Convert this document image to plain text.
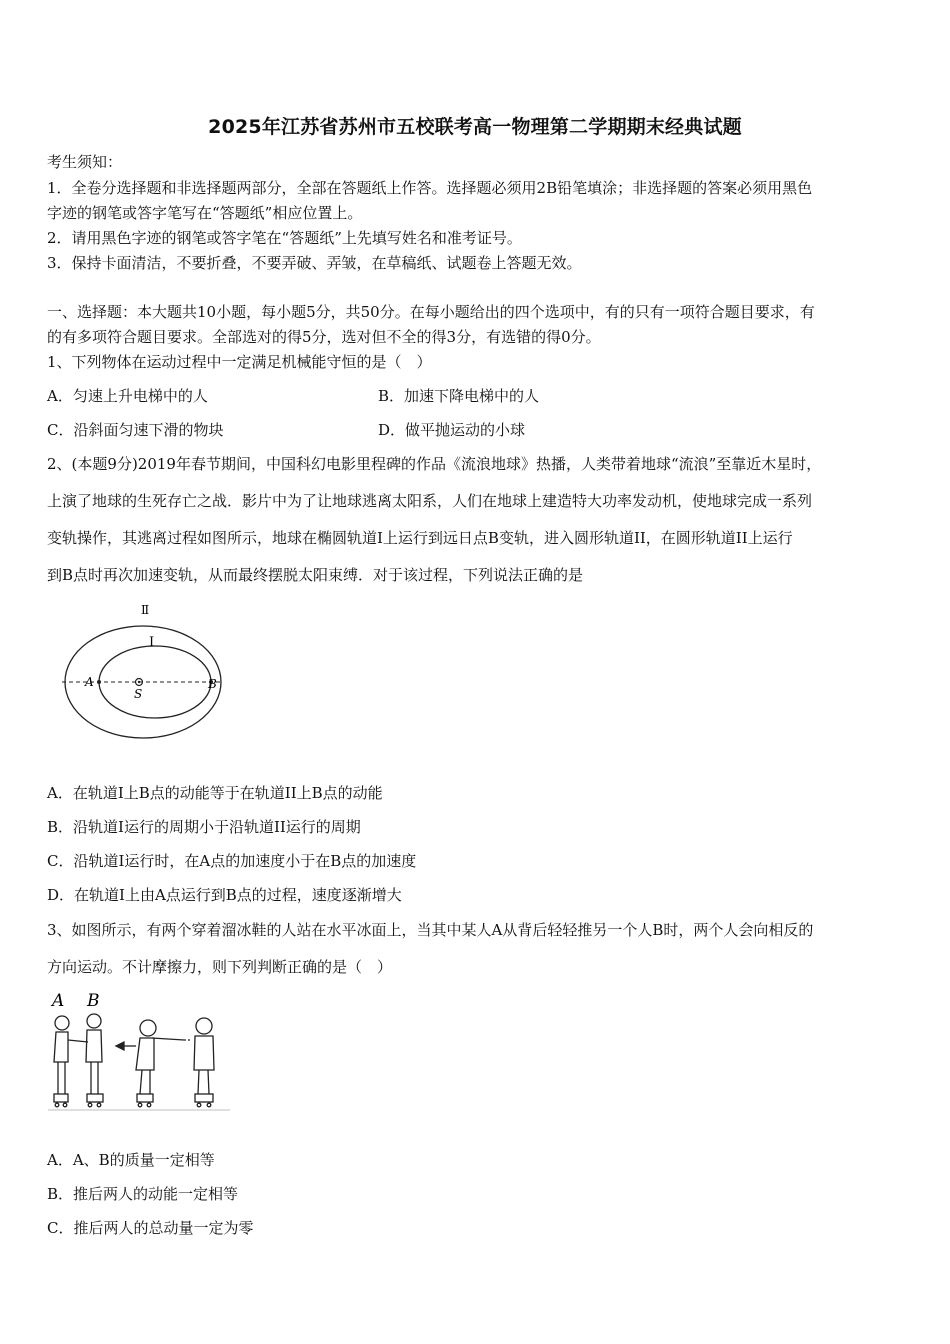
2025年江苏省苏州市五校联考高一物理第二学期期末经典试题
考生须知：
1．全卷分选择题和非选择题两部分，全部在答题纸上作答。选择题必须用2B铅笔填涂；非选择题的答案必须用黑色
字迹的钢笔或答字笔写在“答题纸”相应位置上。
2．请用黑色字迹的钢笔或答字笔在“答题纸”上先填写姓名和准考证号。
3．保持卡面清洁，不要折叠，不要弄破、弄皱，在草稿纸、试题卷上答题无效。
一、选择题：本大题共10小题，每小题5分，共50分。在每小题给出的四个选项中，有的只有一项符合题目要求，有
的有多项符合题目要求。全部选对的得5分，选对但不全的得3分，有选错的得0分。
1、下列物体在运动过程中一定满足机械能守恒的是（　）
A．匀速上升电梯中的人	B．加速下降电梯中的人
C．沿斜面匀速下滑的物块	D．做平抛运动的小球
2、(本题9分)2019年春节期间，中国科幻电影里程碑的作品《流浪地球》热播，人类带着地球“流浪”至靠近木星时，
上演了地球的生死存亡之战．影片中为了让地球逃离太阳系，人们在地球上建造特大功率发动机，使地球完成一系列
变轨操作，其逃离过程如图所示，地球在椭圆轨道I上运行到远日点B变轨，进入圆形轨道II，在圆形轨道II上运行
到B点时再次加速变轨，从而最终摆脱太阳束缚．对于该过程，下列说法正确的是
Ⅱ
I
A	B
S
A．在轨道I上B点的动能等于在轨道II上B点的动能
B．沿轨道I运行的周期小于沿轨道II运行的周期
C．沿轨道I运行时，在A点的加速度小于在B点的加速度
D．在轨道I上由A点运行到B点的过程，速度逐渐增大
3、如图所示，有两个穿着溜冰鞋的人站在水平冰面上，当其中某人A从背后轻轻推另一个人B时，两个人会向相反的
方向运动。不计摩擦力，则下列判断正确的是（　）
A B
A．A、B的质量一定相等
B．推后两人的动能一定相等
C．推后两人的总动量一定为零
